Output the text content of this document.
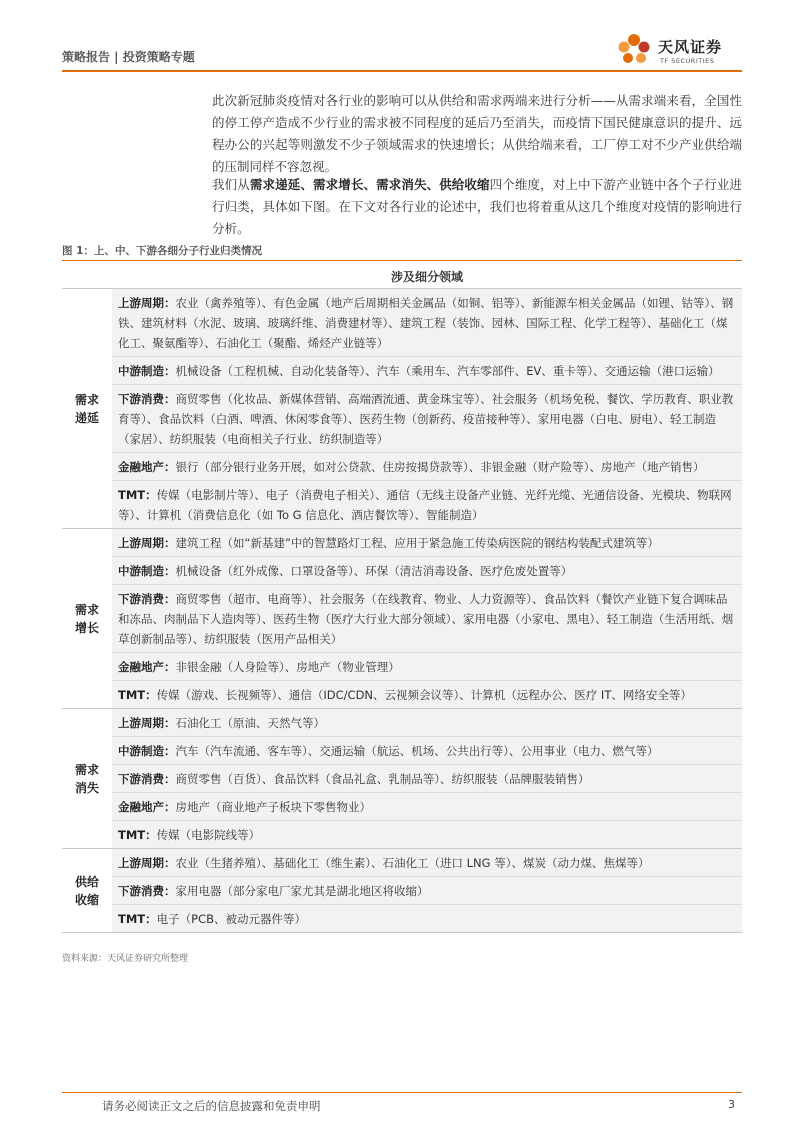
策略报告 | 投资策略专题
天风证券
TF SECURITIES
此次新冠肺炎疫情对各行业的影响可以从供给和需求两端来进行分析——从需求端来看，全国性的停工停产造成不少行业的需求被不同程度的延后乃至消失，而疫情下国民健康意识的提升、远程办公的兴起等则激发不少子领域需求的快速增长；从供给端来看，工厂停工对不少产业供给端的压制同样不容忽视。
我们从需求递延、需求增长、需求消失、供给收缩四个维度，对上中下游产业链中各个子行业进行归类，具体如下图。在下文对各行业的论述中，我们也将着重从这几个维度对疫情的影响进行分析。
图 1：上、中、下游各细分子行业归类情况
涉及细分领域
需求
递延
上游周期：农业（禽养殖等）、有色金属（地产后周期相关金属品（如铜、铝等）、新能源车相关金属品（如锂、钴等）、钢铁、建筑材料（水泥、玻璃、玻璃纤维、消费建材等）、建筑工程（装饰、园林、国际工程、化学工程等）、基础化工（煤化工、聚氨酯等）、石油化工（聚酯、烯烃产业链等）
中游制造：机械设备（工程机械、自动化装备等）、汽车（乘用车、汽车零部件、EV、重卡等）、交通运输（港口运输）
下游消费：商贸零售（化妆品、新媒体营销、高端酒流通、黄金珠宝等）、社会服务（机场免税、餐饮、学历教育、职业教育等）、食品饮料（白酒、啤酒、休闲零食等）、医药生物（创新药、疫苗接种等）、家用电器（白电、厨电）、轻工制造（家居）、纺织服装（电商相关子行业、纺织制造等）
金融地产：银行（部分银行业务开展，如对公贷款、住房按揭贷款等）、非银金融（财产险等）、房地产（地产销售）
TMT：传媒（电影制片等）、电子（消费电子相关）、通信（无线主设备产业链、光纤光缆、光通信设备、光模块、物联网等）、计算机（消费信息化（如 To G 信息化、酒店餐饮等）、智能制造）
需求
增长
上游周期：建筑工程（如“新基建”中的智慧路灯工程、应用于紧急施工传染病医院的钢结构装配式建筑等）
中游制造：机械设备（红外成像、口罩设备等）、环保（清洁消毒设备、医疗危废处置等）
下游消费：商贸零售（超市、电商等）、社会服务（在线教育、物业、人力资源等）、食品饮料（餐饮产业链下复合调味品和冻品、肉制品下人造肉等）、医药生物（医疗大行业大部分领域）、家用电器（小家电、黑电）、轻工制造（生活用纸、烟草创新制品等）、纺织服装（医用产品相关）
金融地产：非银金融（人身险等）、房地产（物业管理）
TMT：传媒（游戏、长视频等）、通信（IDC/CDN、云视频会议等）、计算机（远程办公、医疗 IT、网络安全等）
需求
消失
上游周期：石油化工（原油、天然气等）
中游制造：汽车（汽车流通、客车等）、交通运输（航运、机场、公共出行等）、公用事业（电力、燃气等）
下游消费：商贸零售（百货）、食品饮料（食品礼盒、乳制品等）、纺织服装（品牌服装销售）
金融地产：房地产（商业地产子板块下零售物业）
TMT：传媒（电影院线等）
供给
收缩
上游周期：农业（生猪养殖）、基础化工（维生素）、石油化工（进口 LNG 等）、煤炭（动力煤、焦煤等）
下游消费：家用电器（部分家电厂家尤其是湖北地区将收缩）
TMT：电子（PCB、被动元器件等）
资料来源：天风证券研究所整理
请务必阅读正文之后的信息披露和免责申明	3
